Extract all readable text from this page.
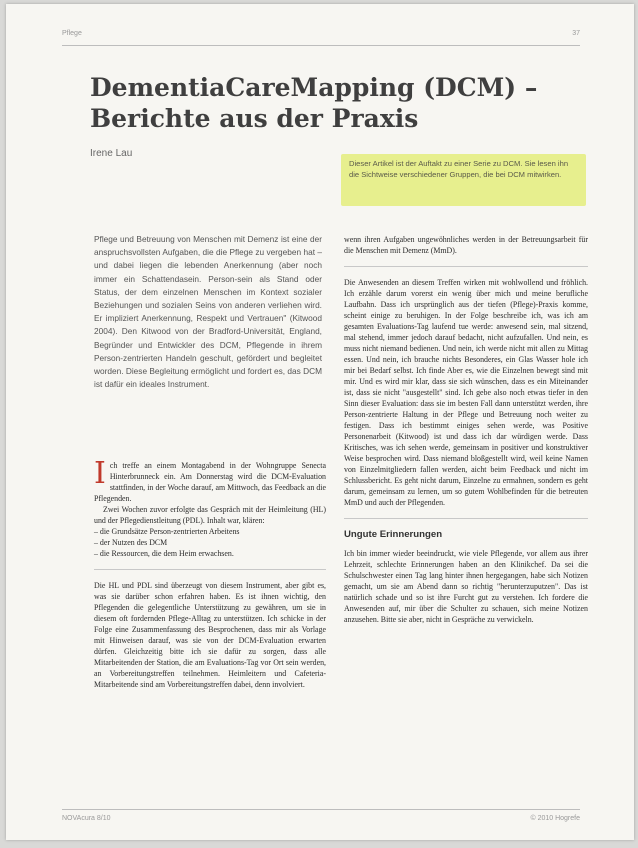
Pflege	37
DementiaCareMapping (DCM) – Berichte aus der Praxis
Irene Lau
Dieser Artikel ist der Auftakt zu einer Serie zu DCM. Sie lesen ihn die Sichtweise verschiedener Gruppen, die bei DCM mitwirken.

Pflege und Betreuung von Menschen mit Demenz ist eine der anspruchsvollsten Aufgaben, die die Pflege zu vergeben hat – und dabei liegen die lebenden Anerkennung (aber noch immer ein Schattendasein. Person-sein als Stand oder Status, der dem einzelnen Menschen im Kontext sozialer Beziehungen und sozialen Seins von anderen verliehen wird. Er impliziert Anerkennung, Respekt und Vertrauen" (Kitwood 2004). Den Kitwood von der Bradford-Universität, England, Begründer und Entwickler des DCM, Pflegende in ihrem Person-zentrierten Handeln geschult, gefördert und begleitet worden. Diese Begleitung ermöglicht und fordert es, das DCM ist dafür ein ideales Instrument.

Ich treffe an einem Montagabend in der Wohngruppe Senecta Hinterbrunneck ein. Am Donnerstag wird die DCM-Evaluation stattfinden, in der Woche darauf, am Mittwoch, das Feedback an die Pflegenden.

Zwei Wochen zuvor erfolgte das Gespräch mit der Heimleitung (HL) und der Pflegedienstleitung (PDL). Inhalt war, klären:

– die Grundsätze Person-zentrierten Arbeitens
– der Nutzen des DCM
– die Ressourcen, die dem Heim erwachsen.

Die HL und PDL sind überzeugt von diesem Instrument, aber gibt es, was sie darüber schon erfahren haben. Es ist ihnen wichtig, den Pflegenden die gelegentliche Unterstützung zu gewähren, um sie in diesem oft fordernden Pflege-Alltag zu unterstützen. Ich schicke in der Folge eine Zusammenfassung des Besprochenen, dass mir als Vorlage mit Hinweisen darauf, was sie von der DCM-Evaluation erwarten dürfen. Gleichzeitig bitte ich sie dafür zu sorgen, dass alle Mitarbeitenden der Station, die am Evaluations-Tag vor Ort sein werden, an Vorbereitungstreffen teilnehmen. Heimleitern und Cafeteria-Mitarbeitende sind am Vorbereitungstreffen dabei, denn involviert.

wenn ihren Aufgaben ungewöhnliches werden in der Betreuungsarbeit für die Menschen mit Demenz (MmD).

Die Anwesenden an diesem Treffen wirken mit wohlwollend und fröhlich. Ich erzähle darum vorerst ein wenig über mich und meine berufliche Laufbahn. Dass ich ursprünglich aus der tiefen (Pflege)-Praxis komme, scheint einige zu beruhigen. In der Folge beschreibe ich, was ich am gesamten Evaluations-Tag laufend tue werde: anwesend sein, mal sitzend, mal stehend, immer jedoch darauf bedacht, nicht aufzufallen. Und nein, es muss nicht niemand bedienen. Und nein, ich werde nicht mit allen zu Mittag essen. Und nein, ich brauche nichts Besonderes, ein Glas Wasser hole ich mir bei Bedarf selbst. Ich finde Aber es, wie die Einzelnen bewegt sind mit mir. Und es wird mir klar, dass sie sich wünschen, dass es ein Miteinander ist, dass sie nicht "ausgestellt" sind. Ich gebe also noch etwas tiefer in den Sinn dieser Evaluation: dass sie im besten Fall dann unterstützt werden, ihre Person-zentrierte Haltung in der Pflege und Betreuung noch weiter zu festigen. Dass ich bestimmt einiges sehen werde, was Positive Personenarbeit (Kitwood) ist und dass ich dar würdigen werde. Dass Kritisches, was ich sehen werde, gemeinsam in positiver und konstruktiver Weise besprochen wird. Dass niemand bloßgestellt wird, weil keine Namen von Einzelmitgliedern fallen werden, aicht beim Feedback und nicht im Schlussbericht. Es geht nicht darum, Einzelne zu ermahnen, sondern es geht darum, gemeinsam zu lernen, um so gutem Wohlbefinden für die betreuten MmD und auch der Pflegenden.

Ungute Erinnerungen

Ich bin immer wieder beeindruckt, wie viele Pflegende, vor allem aus ihrer Lehrzeit, schlechte Erinnerungen haben an den Klinikchef. Da sei die Schulschwester einen Tag lang hinter ihnen hergegangen, habe sich Notizen gemacht, um sie am Abend dann so richtig "herunterzuputzen". Das ist natürlich schade und so ist ihre Furcht gut zu verstehen. Ich fordere die Anwesenden auf, mir über die Schulter zu schauen, sich meine Notizen anzusehen. Bitte sie aber, nicht in Gespräche zu verwickeln.

NOVAcura 8/10	© 2010 Hogrefe
